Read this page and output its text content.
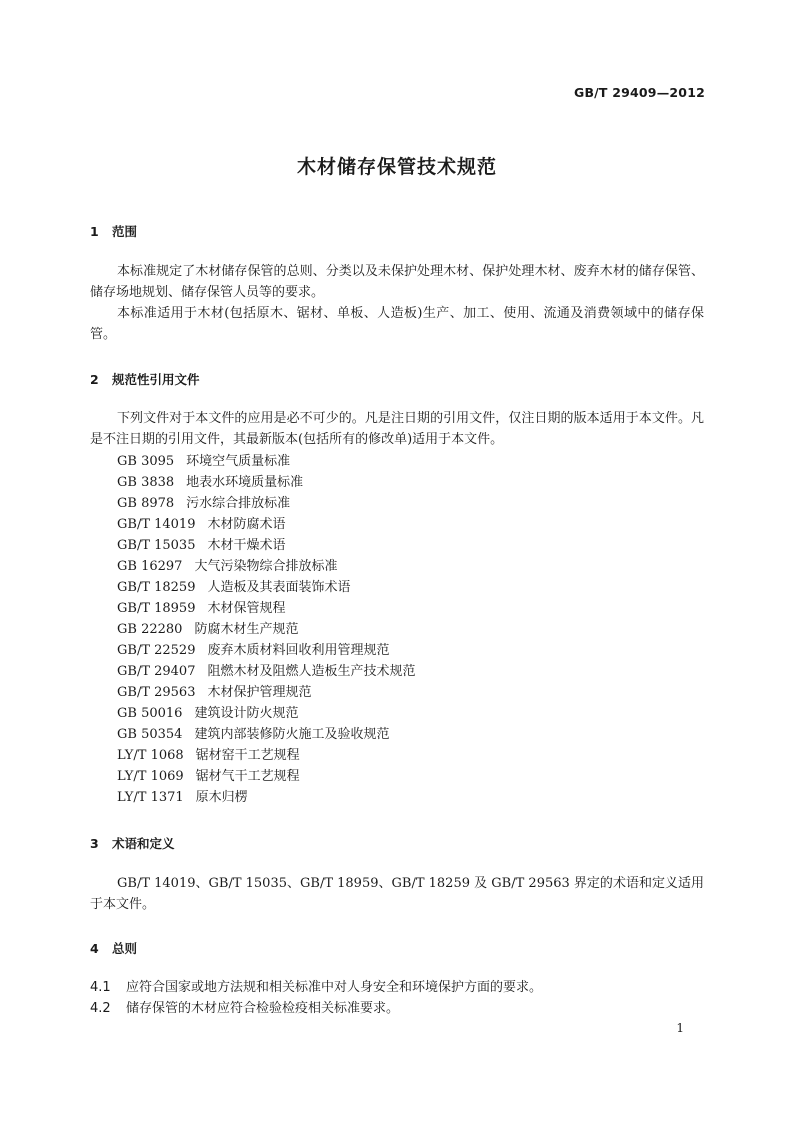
GB/T 29409—2012
木材储存保管技术规范
1 范围

本标准规定了木材储存保管的总则、分类以及未保护处理木材、保护处理木材、废弃木材的储存保管、储存场地规划、储存保管人员等的要求。

本标准适用于木材(包括原木、锯材、单板、人造板)生产、加工、使用、流通及消费领域中的储存保管。

2 规范性引用文件

下列文件对于本文件的应用是必不可少的。凡是注日期的引用文件，仅注日期的版本适用于本文件。凡是不注日期的引用文件，其最新版本(包括所有的修改单)适用于本文件。

GB 3095 环境空气质量标准
GB 3838 地表水环境质量标准
GB 8978 污水综合排放标准
GB/T 14019 木材防腐术语
GB/T 15035 木材干燥术语
GB 16297 大气污染物综合排放标准
GB/T 18259 人造板及其表面装饰术语
GB/T 18959 木材保管规程
GB 22280 防腐木材生产规范
GB/T 22529 废弃木质材料回收利用管理规范
GB/T 29407 阻燃木材及阻燃人造板生产技术规范
GB/T 29563 木材保护管理规范
GB 50016 建筑设计防火规范
GB 50354 建筑内部装修防火施工及验收规范
LY/T 1068 锯材窑干工艺规程
LY/T 1069 锯材气干工艺规程
LY/T 1371 原木归楞
3 术语和定义

GB/T 14019、GB/T 15035、GB/T 18959、GB/T 18259 及 GB/T 29563 界定的术语和定义适用于本文件。

4 总则
4.1 应符合国家或地方法规和相关标准中对人身安全和环境保护方面的要求。
4.2 储存保管的木材应符合检验检疫相关标准要求。
1
